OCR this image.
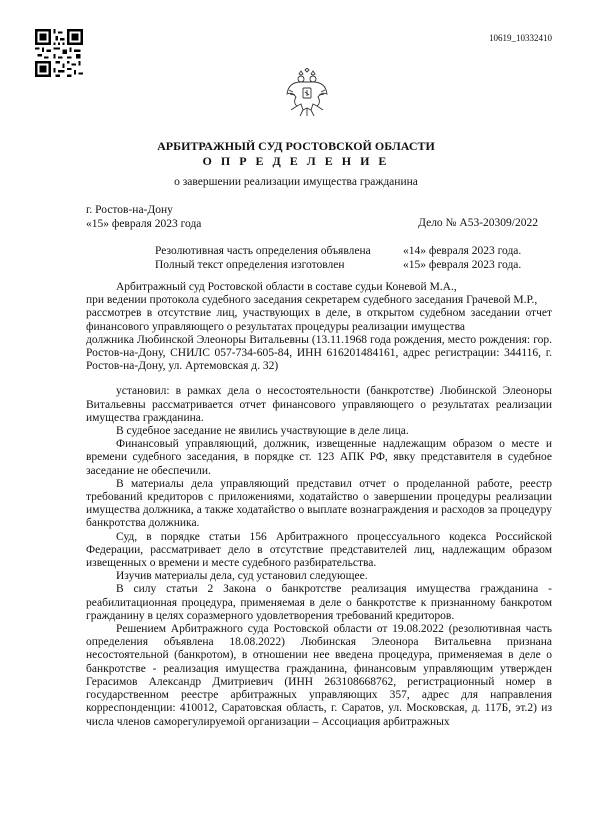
10619_10332410
АРБИТРАЖНЫЙ СУД РОСТОВСКОЙ ОБЛАСТИ
О П Р Е Д Е Л Е Н И Е
о завершении реализации имущества гражданина
г. Ростов-на-Дону
«15» февраля 2023 года	Дело № А53-20309/2022
Резолютивная часть определения объявлена	«14» февраля 2023 года.
Полный текст определения изготовлен	«15» февраля 2023 года.

Арбитражный суд Ростовской области в составе судьи Коневой М.А.,

при ведении протокола судебного заседания секретарем судебного заседания Грачевой М.Р.,

рассмотрев в отсутствие лиц, участвующих в деле, в открытом судебном заседании отчет финансового управляющего о результатах процедуры реализации имущества

должника Любинской Элеоноры Витальевны (13.11.1968 года рождения, место рождения: гор. Ростов-на-Дону, СНИЛС 057-734-605-84, ИНН 616201484161, адрес регистрации: 344116, г. Ростов-на-Дону, ул. Артемовская д. 32)

установил: в рамках дела о несостоятельности (банкротстве) Любинской Элеоноры Витальевны рассматривается отчет финансового управляющего о результатах реализации имущества гражданина.

В судебное заседание не явились участвующие в деле лица.

Финансовый управляющий, должник, извещенные надлежащим образом о месте и времени судебного заседания, в порядке ст. 123 АПК РФ, явку представителя в судебное заседание не обеспечили.

В материалы дела управляющий представил отчет о проделанной работе, реестр требований кредиторов с приложениями, ходатайство о завершении процедуры реализации имущества должника, а также ходатайство о выплате вознаграждения и расходов за процедуру банкротства должника.

Суд, в порядке статьи 156 Арбитражного процессуального кодекса Российской Федерации, рассматривает дело в отсутствие представителей лиц, надлежащим образом извещенных о времени и месте судебного разбирательства.

Изучив материалы дела, суд установил следующее.

В силу статьи 2 Закона о банкротстве реализация имущества гражданина - реабилитационная процедура, применяемая в деле о банкротстве к признанному банкротом гражданину в целях соразмерного удовлетворения требований кредиторов.

Решением Арбитражного суда Ростовской области от 19.08.2022 (резолютивная часть определения объявлена 18.08.2022) Любинская Элеонора Витальевна признана несостоятельной (банкротом), в отношении нее введена процедура, применяемая в деле о банкротстве - реализация имущества гражданина, финансовым управляющим утвержден Герасимов Александр Дмитриевич (ИНН 263108668762, регистрационный номер в государственном реестре арбитражных управляющих 357, адрес для направления корреспонденции: 410012, Саратовская область, г. Саратов, ул. Московская, д. 117Б, эт.2) из числа членов саморегулируемой организации – Ассоциация арбитражных
